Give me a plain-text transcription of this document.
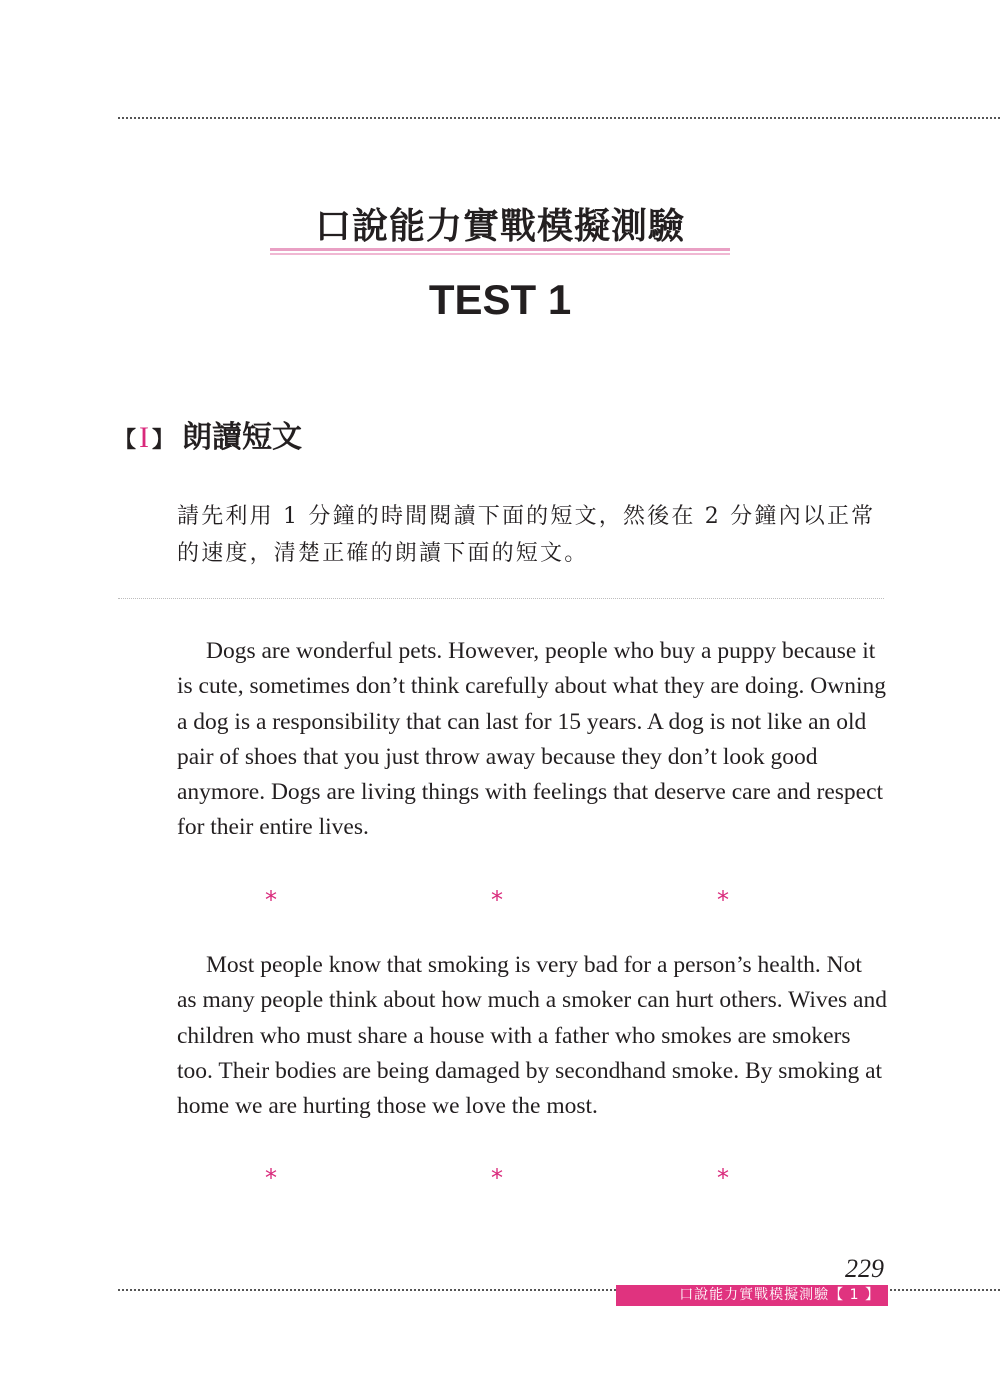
口說能力實戰模擬測驗
TEST 1
【 I 】 朗讀短文

請先利用 1 分鐘的時間閱讀下面的短文，然後在 2 分鐘內以正常的速度，清楚正確的朗讀下面的短文。

Dogs are wonderful pets. However, people who buy a puppy because it is cute, sometimes don’t think carefully about what they are doing. Owning a dog is a responsibility that can last for 15 years. A dog is not like an old pair of shoes that you just throw away because they don’t look good anymore. Dogs are living things with feelings that deserve care and respect for their entire lives.

*	*	*

Most people know that smoking is very bad for a person’s health. Not as many people think about how much a smoker can hurt others. Wives and children who must share a house with a father who smokes are smokers too. Their bodies are being damaged by secondhand smoke. By smoking at home we are hurting those we love the most.

*	*	*
229
口說能力實戰模擬測驗【 1 】
